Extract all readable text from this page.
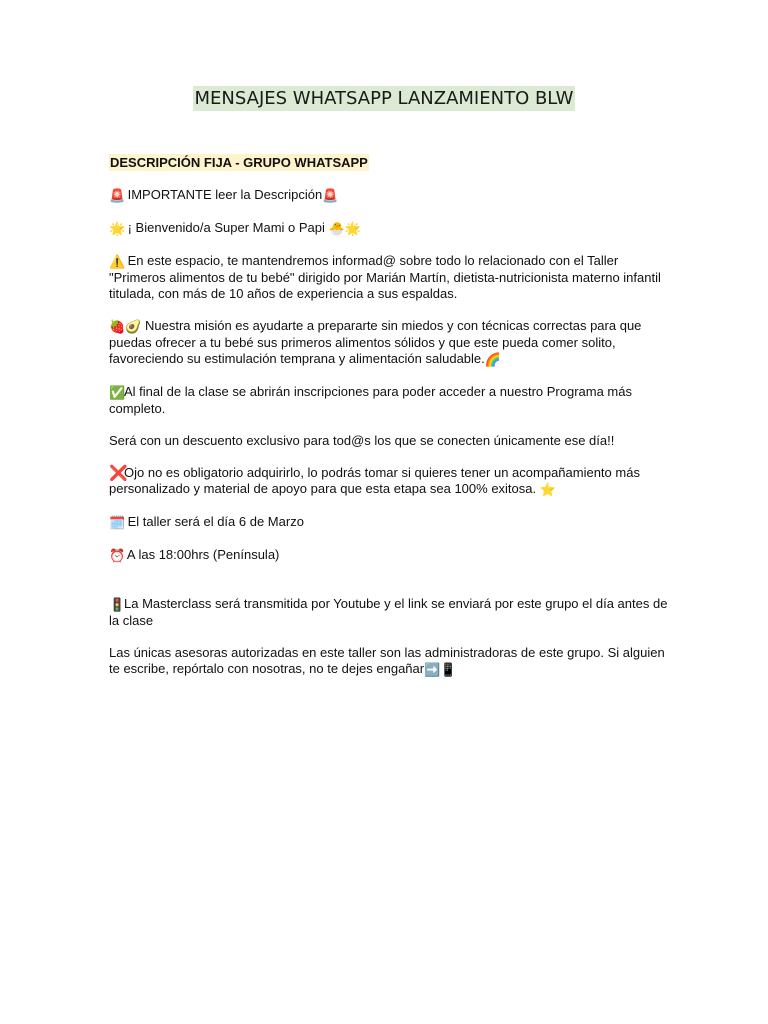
MENSAJES WHATSAPP LANZAMIENTO BLW
DESCRIPCIÓN FIJA - GRUPO WHATSAPP

🚨 IMPORTANTE leer la Descripción🚨

🌟 ¡ Bienvenido/a Super Mami o Papi 🐣🌟

⚠️ En este espacio, te mantendremos informad@ sobre todo lo relacionado con el Taller "Primeros alimentos de tu bebé" dirigido por Marián Martín, dietista-nutricionista materno infantil titulada, con más de 10 años de experiencia a sus espaldas.

🍓🥑 Nuestra misión es ayudarte a prepararte sin miedos y con técnicas correctas para que puedas ofrecer a tu bebé sus primeros alimentos sólidos y que este pueda comer solito, favoreciendo su estimulación temprana y alimentación saludable.🌈

✅Al final de la clase se abrirán inscripciones para poder acceder a nuestro Programa más completo.

Será con un descuento exclusivo para tod@s los que se conecten únicamente ese día!!

❌Ojo no es obligatorio adquirirlo, lo podrás tomar si quieres tener un acompañamiento más personalizado y material de apoyo para que esta etapa sea 100% exitosa. ⭐

🗓️ El taller será el día 6 de Marzo

⏰ A las 18:00hrs (Península)

🚦La Masterclass será transmitida por Youtube y el link se enviará por este grupo el día antes de la clase

Las únicas asesoras autorizadas en este taller son las administradoras de este grupo. Si alguien te escribe, repórtalo con nosotras, no te dejes engañar➡️📱
